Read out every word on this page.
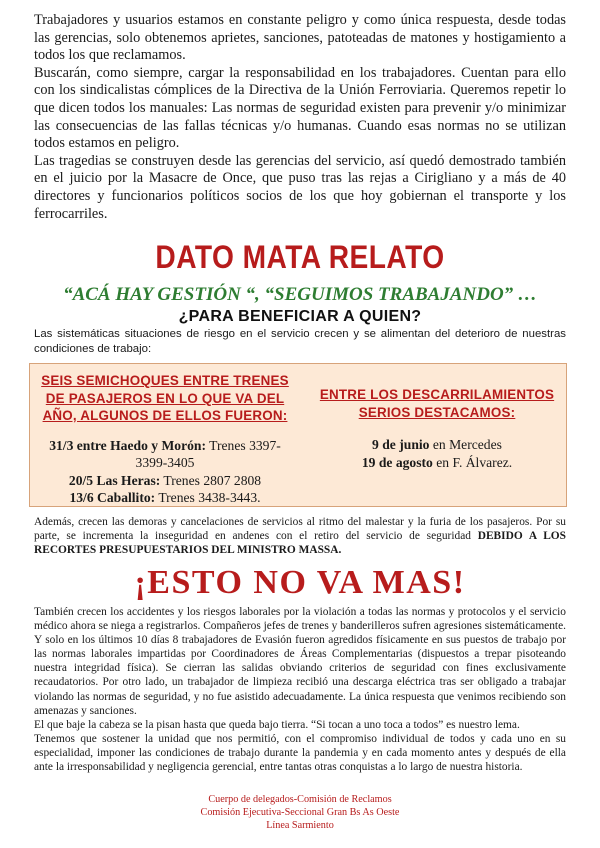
Trabajadores y usuarios estamos en constante peligro y como única respuesta, desde todas las gerencias, solo obtenemos aprietes, sanciones, patoteadas de matones y hostigamiento a todos los que reclamamos.

Buscarán, como siempre, cargar la responsabilidad en los trabajadores. Cuentan para ello con los sindicalistas cómplices de la Directiva de la Unión Ferroviaria. Queremos repetir lo que dicen todos los manuales: Las normas de seguridad existen para prevenir y/o minimizar las consecuencias de las fallas técnicas y/o humanas. Cuando esas normas no se utilizan todos estamos en peligro.

Las tragedias se construyen desde las gerencias del servicio, así quedó demostrado también en el juicio por la Masacre de Once, que puso tras las rejas a Cirigliano y a más de 40 directores y funcionarios políticos socios de los que hoy gobiernan el transporte y los ferrocarriles.

DATO MATA RELATO
“ACÁ HAY GESTIÓN “, “SEGUIMOS TRABAJANDO” …
¿PARA BENEFICIAR A QUIEN?
Las sistemáticas situaciones de riesgo en el servicio crecen y se alimentan del deterioro de nuestras condiciones de trabajo:
SEIS SEMICHOQUES ENTRE TRENES DE PASAJEROS EN LO QUE VA DEL AÑO, ALGUNOS DE ELLOS FUERON:
31/3 entre Haedo y Morón: Trenes 3397-3399-3405
20/5 Las Heras: Trenes 2807 2808
13/6 Caballito: Trenes 3438-3443.
ENTRE LOS DESCARRILAMIENTOS SERIOS DESTACAMOS:
9 de junio en Mercedes
19 de agosto en F. Álvarez.

Además, crecen las demoras y cancelaciones de servicios al ritmo del malestar y la furia de los pasajeros. Por su parte, se incrementa la inseguridad en andenes con el retiro del servicio de seguridad DEBIDO A LOS RECORTES PRESUPUESTARIOS DEL MINISTRO MASSA.

¡ESTO NO VA MAS!

También crecen los accidentes y los riesgos laborales por la violación a todas las normas y protocolos y el servicio médico ahora se niega a registrarlos. Compañeros jefes de trenes y banderilleros sufren agresiones sistemáticamente. Y solo en los últimos 10 días 8 trabajadores de Evasión fueron agredidos físicamente en sus puestos de trabajo por las normas laborales impartidas por Coordinadores de Áreas Complementarias (dispuestos a trepar pisoteando nuestra integridad física). Se cierran las salidas obviando criterios de seguridad con fines exclusivamente recaudatorios. Por otro lado, un trabajador de limpieza recibió una descarga eléctrica tras ser obligado a trabajar violando las normas de seguridad, y no fue asistido adecuadamente. La única respuesta que venimos recibiendo son amenazas y sanciones.

El que baje la cabeza se la pisan hasta que queda bajo tierra. “Si tocan a uno toca a todos” es nuestro lema.

Tenemos que sostener la unidad que nos permitió, con el compromiso individual de todos y cada uno en su especialidad, imponer las condiciones de trabajo durante la pandemia y en cada momento antes y después de ella ante la irresponsabilidad y negligencia gerencial, entre tantas otras conquistas a lo largo de nuestra historia.

Cuerpo de delegados-Comisión de Reclamos
Comisión Ejecutiva-Seccional Gran Bs As Oeste
Línea Sarmiento
